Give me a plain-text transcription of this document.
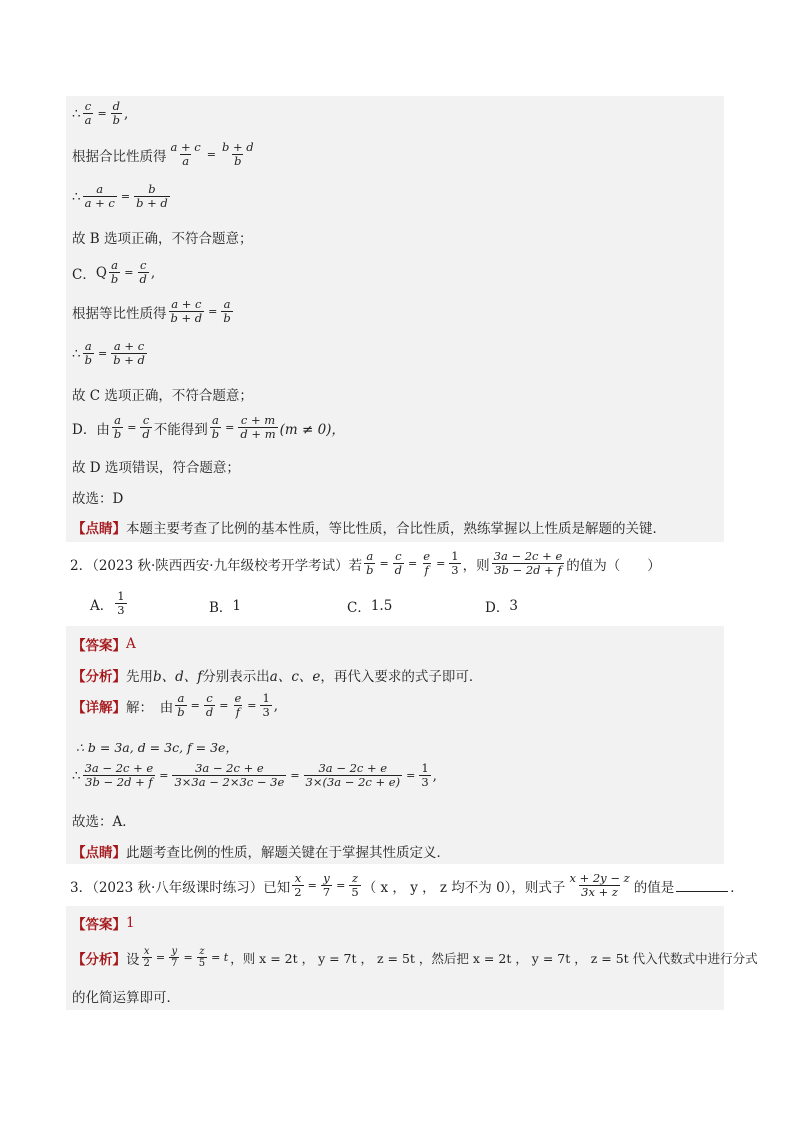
∴ $\frac{c}{a} = \frac{d}{b}$ ,
根据合比性质得 $\frac{a + c}{a} = \frac{b + d}{b}$
∴ $\frac{a}{a + c} = \frac{b}{b + d}$
故 B 选项正确，不符合题意；
C． Q $\frac{a}{b} = \frac{c}{d}$ ,
根据等比性质得 $\frac{a + c}{b + d} = \frac{a}{b}$
∴ $\frac{a}{b} = \frac{a + c}{b + d}$
故 C 选项正确，不符合题意；
D．由 $\frac{a}{b} = \frac{c}{d}$ 不能得到 $\frac{a}{b} = \frac{c + m}{d + m} (m \ne 0)$，
故 D 选项错误，符合题意；
故选：D
【点睛】 本题主要考查了比例的基本性质，等比性质，合比性质，熟练掌握以上性质是解题的关键．
2．（2023 秋·陕西西安·九年级校考开学考试）若 $\frac{a}{b} = \frac{c}{d} = \frac{e}{f} = \frac{1}{3}$ ，则 $\frac{3a - 2c + e}{3b - 2d + f}$ 的值为（　　）
A． $\frac{1}{3}$	B． 1	C． 1.5	D． 3
【答案】 A
【分析】 先用 b、d、f 分别表示出 a、c、e ，再代入要求的式子即可．
【详解】 解：　由 $\frac{a}{b} = \frac{c}{d} = \frac{e}{f} = \frac{1}{3}$ ,
∴ b = 3a, d = 3c, f = 3e，
∴ $\frac{3a - 2c + e}{3b - 2d + f} = \frac{3a - 2c + e}{3\times 3a - 2\times 3c - 3e} = \frac{3a - 2c + e}{3\times(3a - 2c + e)} = \frac{1}{3}$ ,
故选：A．
【点睛】 此题考查比例的性质，解题关键在于掌握其性质定义．
3．（2023 秋·八年级课时练习）已知 $\frac{x}{2} = \frac{y}{7} = \frac{z}{5}$ （ x ， y ， z 均不为 0），则式子 $\frac{x + 2y - z}{3x + z}$ 的值是	．
【答案】 1
【分析】 设 $\frac{x}{2} = \frac{y}{7} = \frac{z}{5} = t$ ，则 x = 2t ， y = 7t ， z = 5t ，然后把 x = 2t ， y = 7t ， z = 5t 代入代数式中进行分式
的化简运算即可．
